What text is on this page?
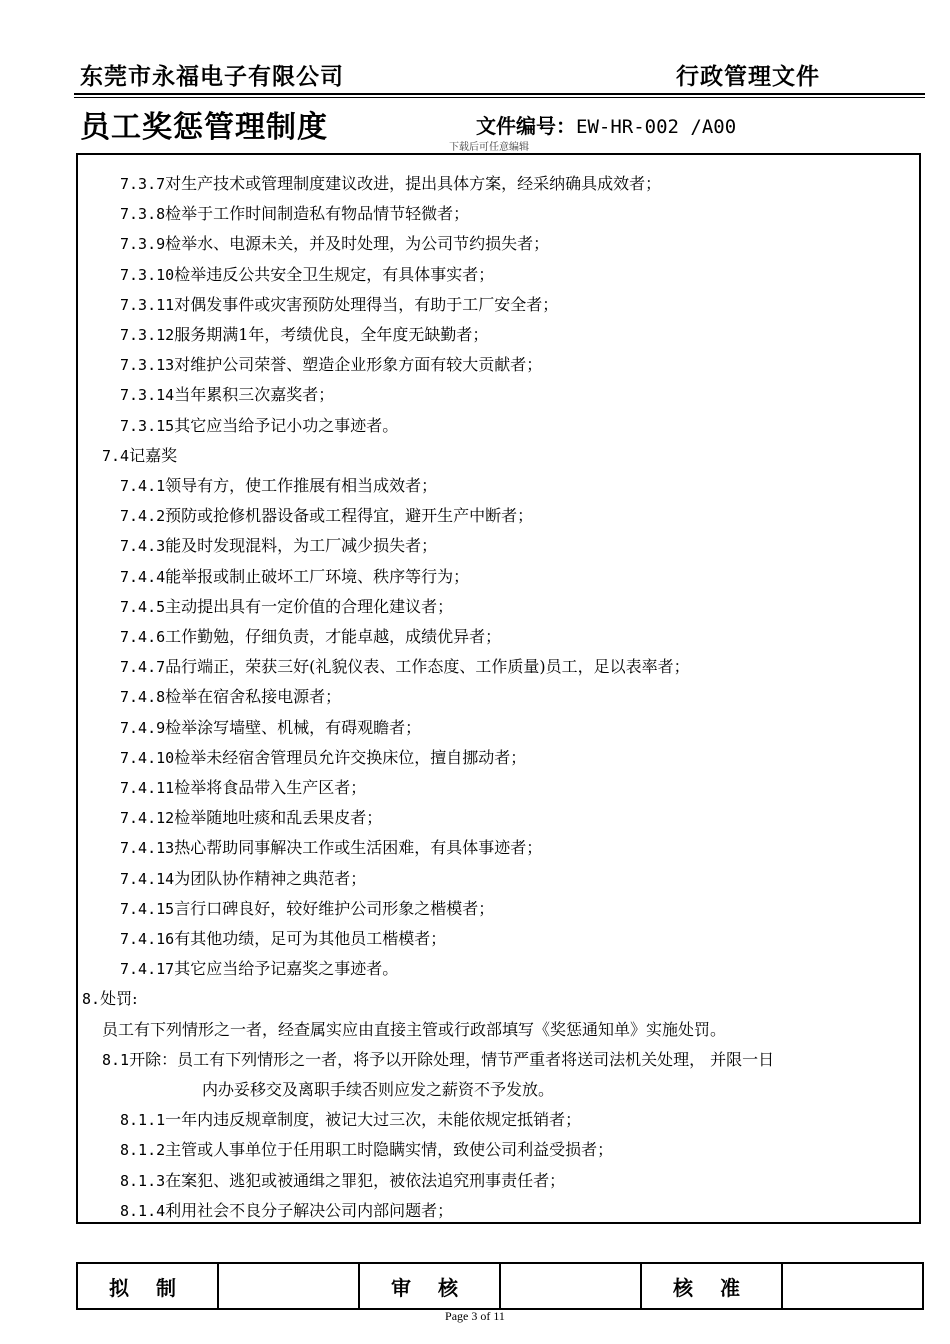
东莞市永福电子有限公司	行政管理文件
员工奖惩管理制度	文件编号：EW-HR-002 /A00
下载后可任意编辑
7.3.7对生产技术或管理制度建议改进，提出具体方案，经采纳确具成效者；
7.3.8检举于工作时间制造私有物品情节轻微者；
7.3.9检举水、电源未关，并及时处理，为公司节约损失者；
7.3.10检举违反公共安全卫生规定，有具体事实者；
7.3.11对偶发事件或灾害预防处理得当，有助于工厂安全者；
7.3.12服务期满1年，考绩优良，全年度无缺勤者；
7.3.13对维护公司荣誉、塑造企业形象方面有较大贡献者；
7.3.14当年累积三次嘉奖者；
7.3.15其它应当给予记小功之事迹者。
7.4记嘉奖
7.4.1领导有方，使工作推展有相当成效者；
7.4.2预防或抢修机器设备或工程得宜，避开生产中断者；
7.4.3能及时发现混料，为工厂减少损失者；
7.4.4能举报或制止破坏工厂环境、秩序等行为；
7.4.5主动提出具有一定价值的合理化建议者；
7.4.6工作勤勉，仔细负责，才能卓越，成绩优异者；
7.4.7品行端正，荣获三好(礼貌仪表、工作态度、工作质量)员工，足以表率者；
7.4.8检举在宿舍私接电源者；
7.4.9检举涂写墙壁、机械，有碍观瞻者；
7.4.10检举未经宿舍管理员允许交换床位，擅自挪动者；
7.4.11检举将食品带入生产区者；
7.4.12检举随地吐痰和乱丢果皮者；
7.4.13热心帮助同事解决工作或生活困难，有具体事迹者；
7.4.14为团队协作精神之典范者；
7.4.15言行口碑良好，较好维护公司形象之楷模者；
7.4.16有其他功绩，足可为其他员工楷模者；
7.4.17其它应当给予记嘉奖之事迹者。
8.处罚:
员工有下列情形之一者，经查属实应由直接主管或行政部填写《奖惩通知单》实施处罚。
8.1开除：员工有下列情形之一者，将予以开除处理，情节严重者将送司法机关处理， 并限一日
内办妥移交及离职手续否则应发之薪资不予发放。
8.1.1一年内违反规章制度，被记大过三次，未能依规定抵销者；
8.1.2主管或人事单位于任用职工时隐瞒实情，致使公司利益受损者；
8.1.3在案犯、逃犯或被通缉之罪犯，被依法追究刑事责任者；
8.1.4利用社会不良分子解决公司内部问题者；
拟 制		审 核		核 准	
Page 3 of 11
